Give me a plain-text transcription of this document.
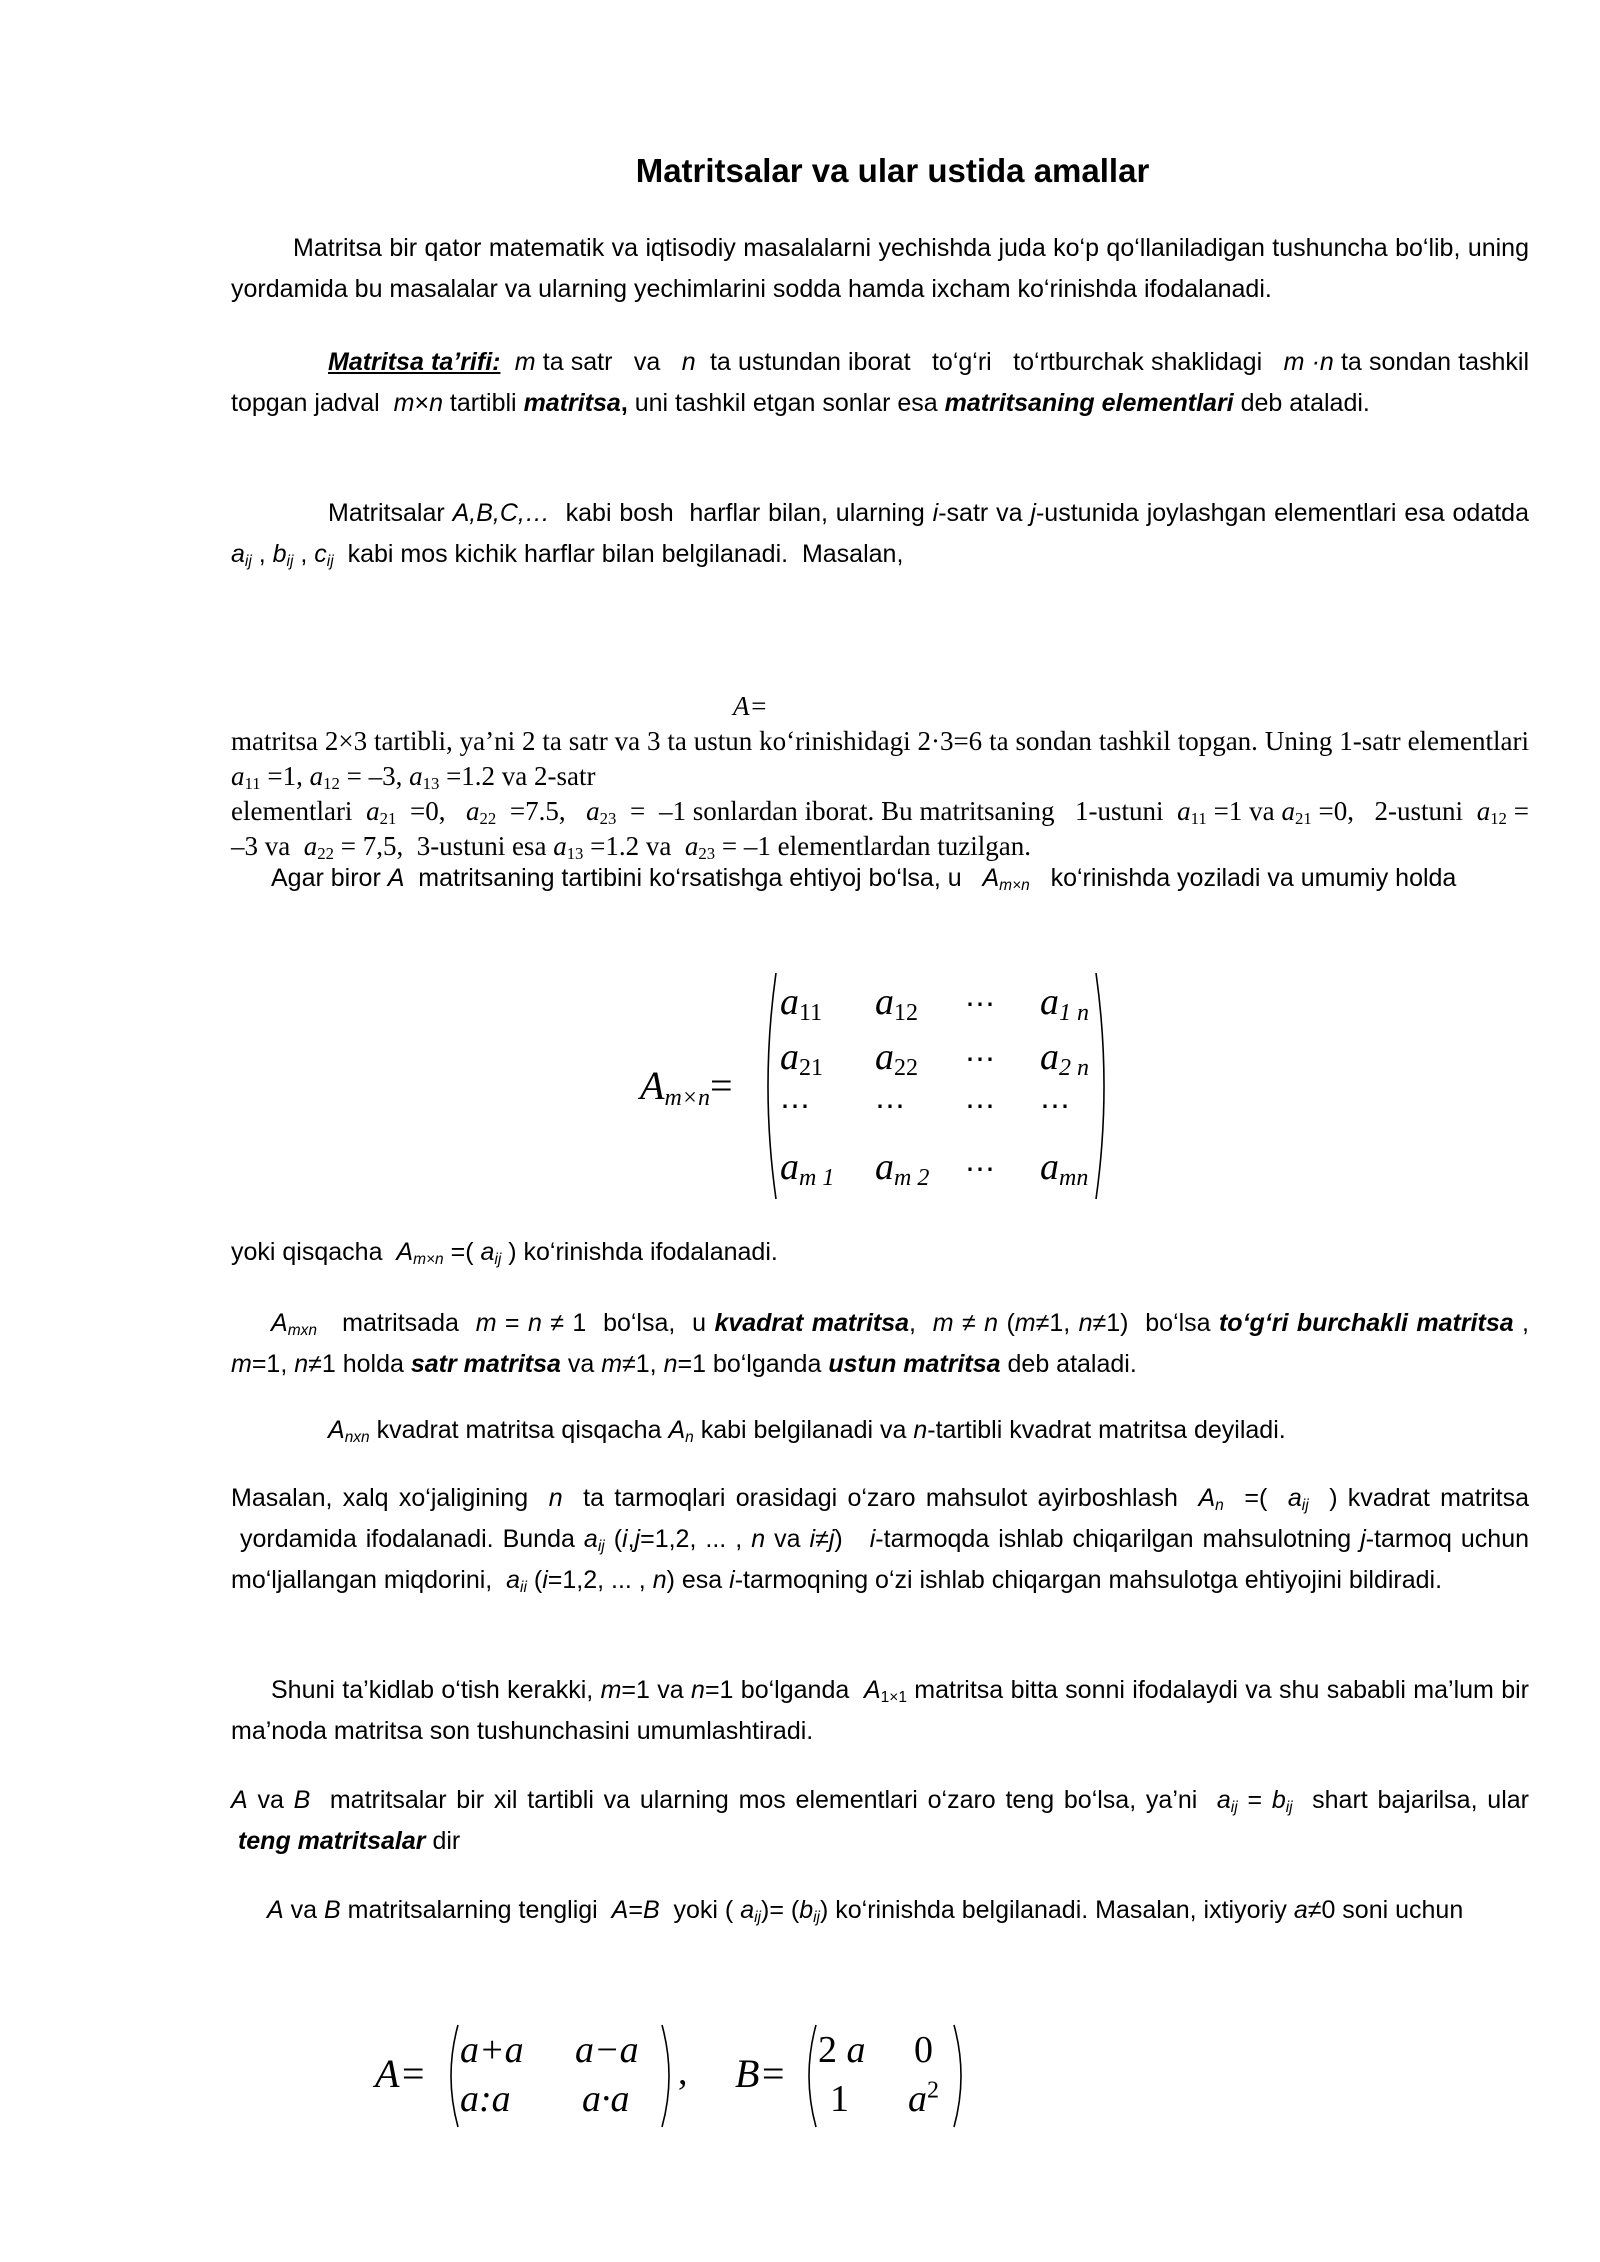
Matritsalar va ular ustida amallar
Matritsa bir qator matematik va iqtisodiy masalalarni yechishda juda ko‘p qo‘llaniladigan tushuncha bo‘lib, uning yordamida bu masalalar va ularning yechimlarini sodda hamda ixcham ko‘rinishda ifodalanadi.
Matritsa ta’rifi: m ta satr   va   n  ta ustundan iborat   to‘g‘ri   to‘rtburchak shaklidagi   m ·n ta sondan tashkil topgan jadval  m×n tartibli matritsa, uni tashkil etgan sonlar esa matritsaning elementlari deb ataladi.
Matritsalar A,B,C,…  kabi bosh  harflar bilan, ularning i-satr va j-ustunida joylashgan elementlari esa odatda $a_{ij}$ , $b_{ij}$ , $c_{ij}$  kabi mos kichik harflar bilan belgilanadi.  Masalan,
A=
matritsa 2×3 tartibli, ya’ni 2 ta satr va 3 ta ustun ko‘rinishidagi 2·3=6 ta sondan tashkil topgan. Uning 1-satr elementlari $a_{11} =1$, $a_{12} = -3$, $a_{13} =1.2$ va 2-satr
elementlari  $a_{21} =0$,   $a_{22} =7.5$,   $a_{23} = -1$ sonlardan iborat. Bu matritsaning   1-ustuni  $a_{11} =1$ va $a_{21} =0$,   2-ustuni  $a_{12} = -3$ va  $a_{22} = 7,5$,  3-ustuni esa $a_{13} =1.2$ va  $a_{23} = -1$ elementlardan tuzilgan.
Agar biror A  matritsaning tartibini ko‘rsatishga ehtiyoj bo‘lsa, u   $A_{m\times n}$   ko‘rinishda yoziladi va umumiy holda
$A_{m\times n}=$
$a_{11}$ $a_{12}$ ⋯ $a_{1 n}$
$a_{21}$ $a_{22}$ ⋯ $a_{2 n}$
⋯ ⋯ ⋯ ⋯
$a_{m 1}$ $a_{m 2}$ ⋯ $a_{mn}$
yoki qisqacha  $A_{m\times n}$ =( $a_{ij}$ ) ko‘rinishda ifodalanadi.
$A_{mxn}$   matritsada  m = n ≠ 1  bo‘lsa,  u kvadrat matritsa,  m ≠ n (m≠1, n≠1)  bo‘lsa to‘g‘ri burchakli matritsa , m=1, n≠1 holda satr matritsa va m≠1, n=1 bo‘lganda ustun matritsa deb ataladi.
$A_{nxn}$ kvadrat matritsa qisqacha $A_n$ kabi belgilanadi va n-tartibli kvadrat matritsa deyiladi.
Masalan, xalq xo‘jaligining  n  ta tarmoqlari orasidagi o‘zaro mahsulot ayirboshlash  $A_n$  =(  $a_{ij}$  ) kvadrat matritsa  yordamida ifodalanadi. Bunda $a_{ij}$ (i,j=1,2, ... , n va i≠j)   i-tarmoqda ishlab chiqarilgan mahsulotning j-tarmoq uchun mo‘ljallangan miqdorini,  $a_{ii}$ (i=1,2, ... , n) esa i-tarmoqning o‘zi ishlab chiqargan mahsulotga ehtiyojini bildiradi.
Shuni ta’kidlab o‘tish kerakki, m=1 va n=1 bo‘lganda  $A_{1\times 1}$ matritsa bitta sonni ifodalaydi va shu sababli ma’lum bir ma’noda matritsa son tushunchasini umumlashtiradi.
A va B  matritsalar bir xil tartibli va ularning mos elementlari o‘zaro teng bo‘lsa, ya’ni  $a_{ij} = b_{ij}$  shart bajarilsa, ular  teng matritsalar dir
A va B matritsalarning tengligi  A=B  yoki ( $a_{ij})= (b_{ij})$ ko‘rinishda belgilanadi. Masalan, ixtiyoriy a≠0 soni uchun
A=
a+a a−a
a:a a·a
, B=
2 a 0
1 $a^2$
